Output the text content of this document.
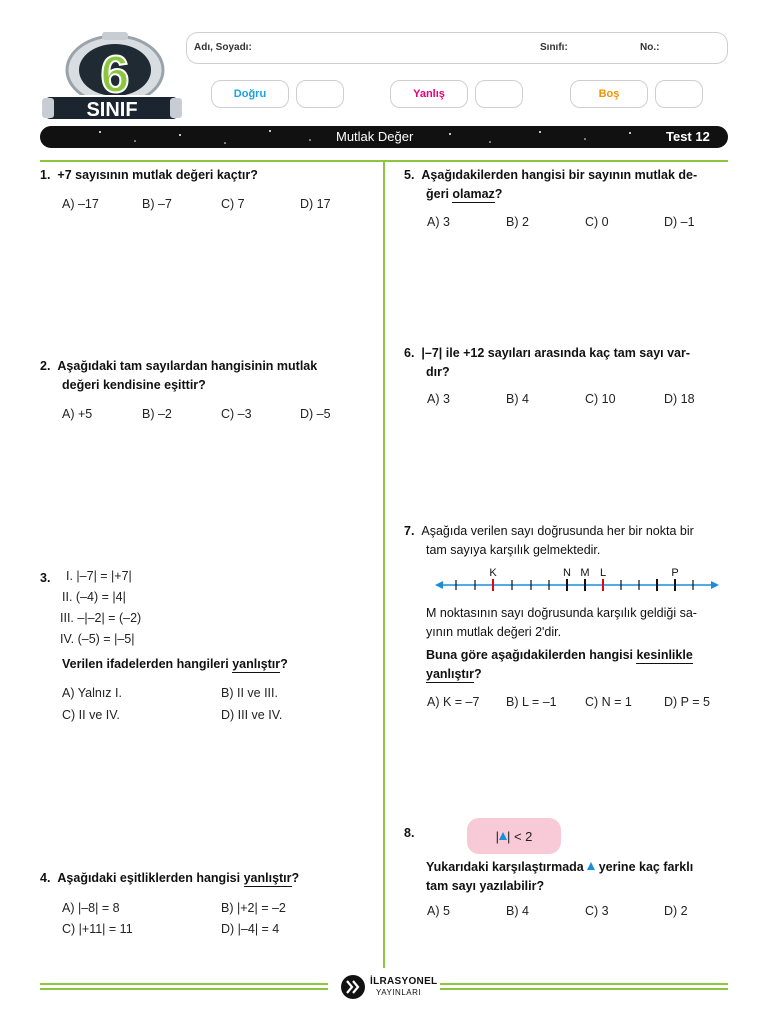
6
SINIF
Adı, Soyadı:	Sınıfı:	No.:
Doğru	Yanlış	Boş
Mutlak Değer	Test 12
1. +7 sayısının mutlak değeri kaçtır?
A) –17	B) –7	C) 7	D) 17
2. Aşağıdaki tam sayılardan hangisinin mutlak
değeri kendisine eşittir?
A) +5	B) –2	C) –3	D) –5
3. I. |–7| = |+7|
II. (–4) = |4|
III. –|–2| = (–2)
IV. (–5) = |–5|
Verilen ifadelerden hangileri yanlıştır?
A) Yalnız I.	B) II ve III.
C) II ve IV.	D) III ve IV.
4. Aşağıdaki eşitliklerden hangisi yanlıştır?
A) |–8| = 8	B) |+2| = –2
C) |+11| = 11	D) |–4| = 4
5. Aşağıdakilerden hangisi bir sayının mutlak de-
ğeri olamaz?
A) 3	B) 2	C) 0	D) –1
6. |–7| ile +12 sayıları arasında kaç tam sayı var-
dır?
A) 3	B) 4	C) 10	D) 18
7. Aşağıda verilen sayı doğrusunda her bir nokta bir
tam sayıya karşılık gelmektedir.
K	N M L	P
M noktasının sayı doğrusunda karşılık geldiği sa-
yının mutlak değeri 2'dir.
Buna göre aşağıdakilerden hangisi kesinlikle
yanlıştır?
A) K = –7 B) L = –1 C) N = 1	D) P = 5
8.	| | < 2
Yukarıdaki karşılaştırmada  yerine kaç farklı
tam sayı yazılabilir?
A) 5	B) 4	C) 3	D) 2
İLRASYONEL
YAYINLARI
